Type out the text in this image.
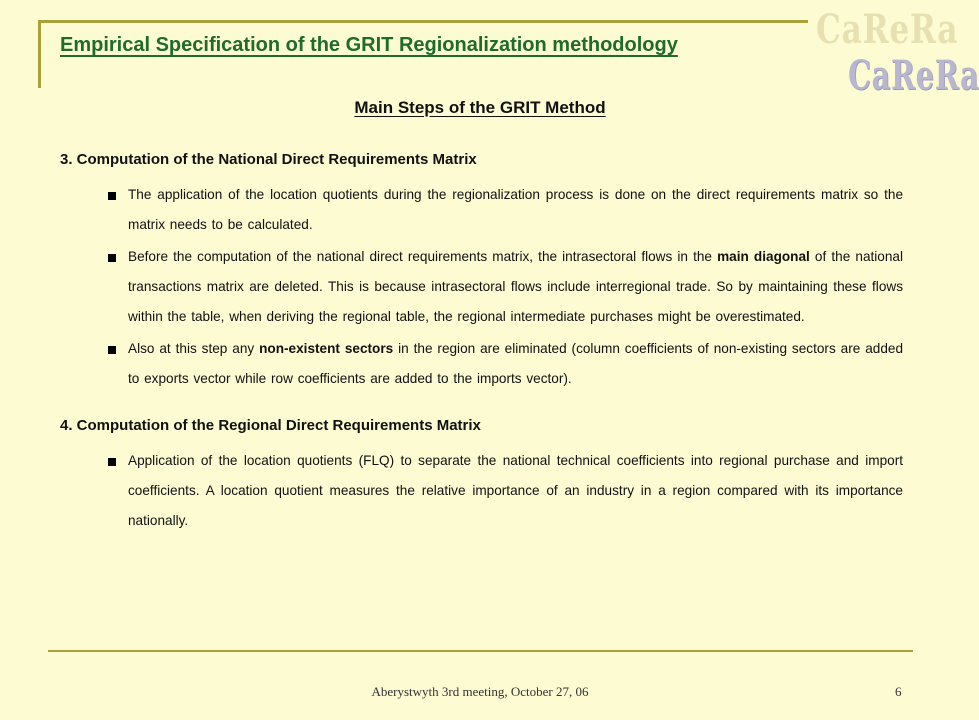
Empirical Specification of the GRIT Regionalization methodology	CaReRa
CaReRa
Main Steps of the GRIT Method
3. Computation of the National Direct Requirements Matrix
The application of the location quotients during the regionalization process is done on the direct requirements matrix so the matrix needs to be calculated.
Before the computation of the national direct requirements matrix, the intrasectoral flows in the main diagonal of the national transactions matrix are deleted. This is because intrasectoral flows include interregional trade. So by maintaining these flows within the table, when deriving the regional table, the regional intermediate purchases might be overestimated.
Also at this step any non-existent sectors in the region are eliminated (column coefficients of non-existing sectors are added to exports vector while row coefficients are added to the imports vector).
4. Computation of the Regional Direct Requirements Matrix
Application of the location quotients (FLQ) to separate the national technical coefficients into regional purchase and import coefficients. A location quotient measures the relative importance of an industry in a region compared with its importance nationally.
Aberystwyth 3rd meeting, October 27, 06	6
